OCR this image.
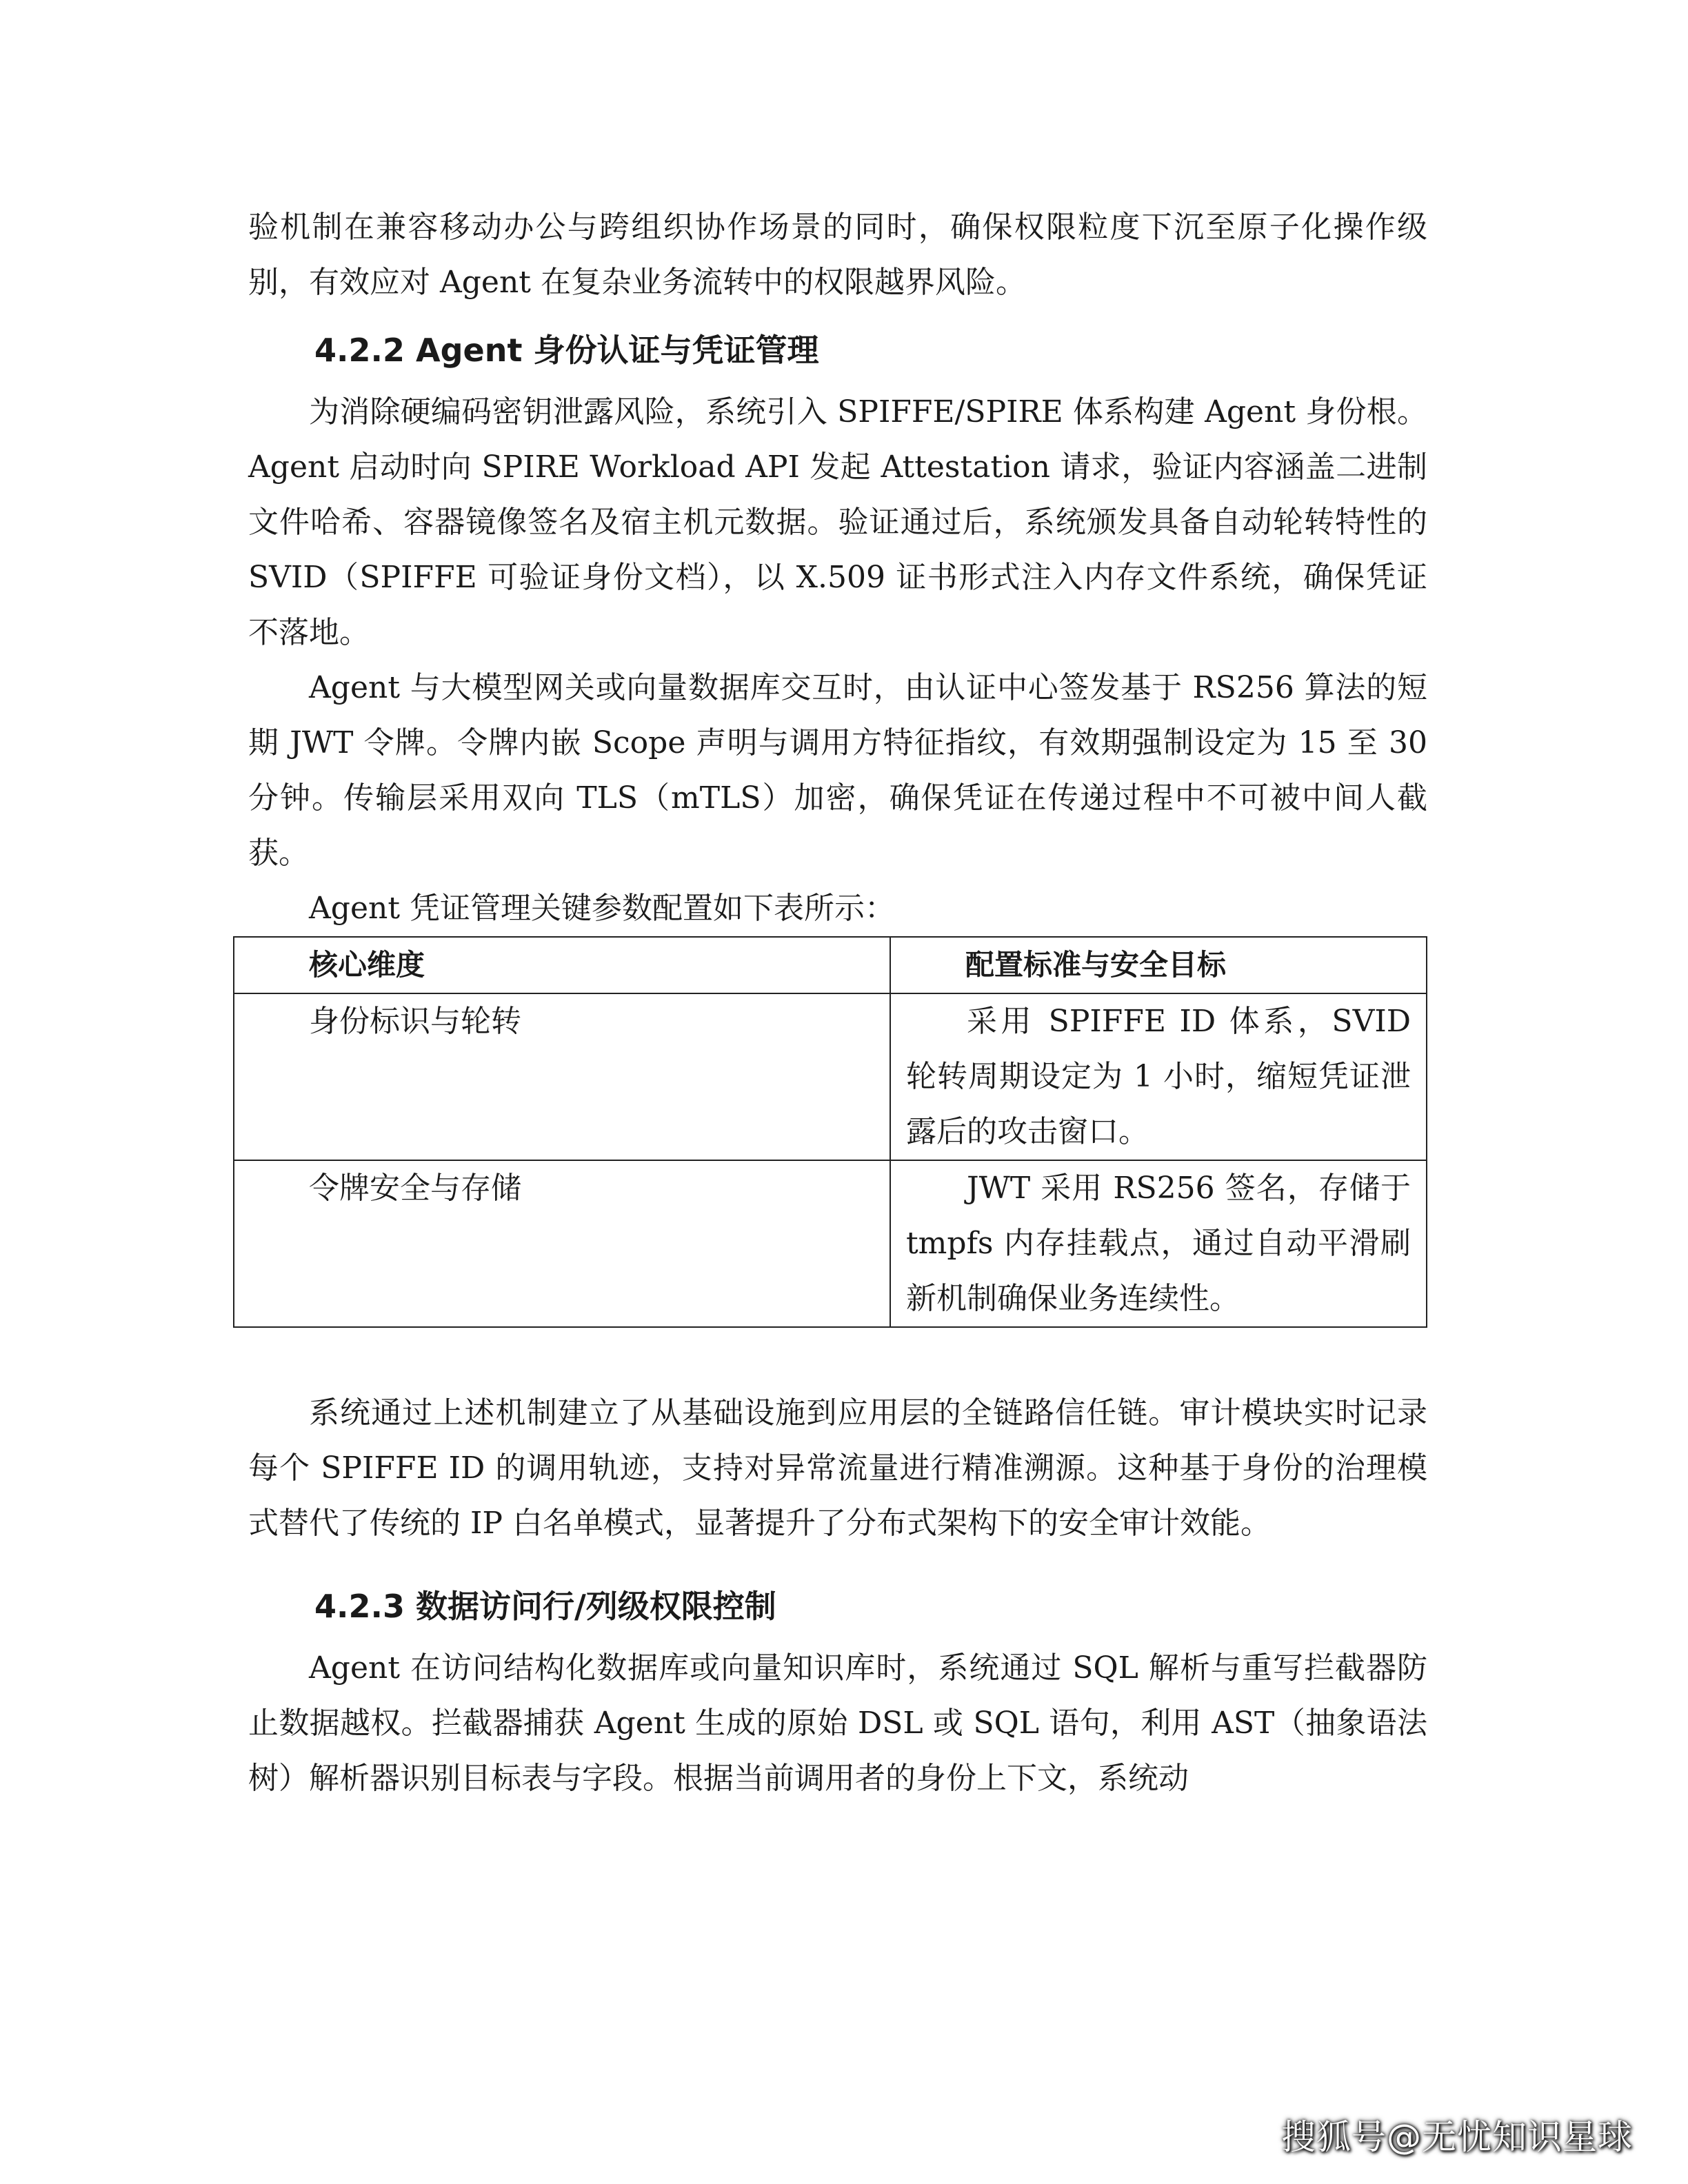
验机制在兼容移动办公与跨组织协作场景的同时，确保权限粒度下沉至原子化操作级别，有效应对 Agent 在复杂业务流转中的权限越界风险。

4.2.2 Agent 身份认证与凭证管理

为消除硬编码密钥泄露风险，系统引入 SPIFFE/SPIRE 体系构建 Agent 身份根。Agent 启动时向 SPIRE Workload API 发起 Attestation 请求，验证内容涵盖二进制文件哈希、容器镜像签名及宿主机元数据。验证通过后，系统颁发具备自动轮转特性的 SVID（SPIFFE 可验证身份文档），以 X.509 证书形式注入内存文件系统，确保凭证不落地。

Agent 与大模型网关或向量数据库交互时，由认证中心签发基于 RS256 算法的短期 JWT 令牌。令牌内嵌 Scope 声明与调用方特征指纹，有效期强制设定为 15 至 30 分钟。传输层采用双向 TLS（mTLS）加密，确保凭证在传递过程中不可被中间人截获。

Agent 凭证管理关键参数配置如下表所示：

核心维度	配置标准与安全目标
身份标识与轮转	采用 SPIFFE ID 体系，SVID 轮转周期设定为 1 小时，缩短凭证泄露后的攻击窗口。
令牌安全与存储	JWT 采用 RS256 签名，存储于 tmpfs 内存挂载点，通过自动平滑刷新机制确保业务连续性。

系统通过上述机制建立了从基础设施到应用层的全链路信任链。审计模块实时记录每个 SPIFFE ID 的调用轨迹，支持对异常流量进行精准溯源。这种基于身份的治理模式替代了传统的 IP 白名单模式，显著提升了分布式架构下的安全审计效能。

4.2.3 数据访问行/列级权限控制

Agent 在访问结构化数据库或向量知识库时，系统通过 SQL 解析与重写拦截器防止数据越权。拦截器捕获 Agent 生成的原始 DSL 或 SQL 语句，利用 AST（抽象语法树）解析器识别目标表与字段。根据当前调用者的身份上下文，系统动

搜狐号@无忧知识星球
